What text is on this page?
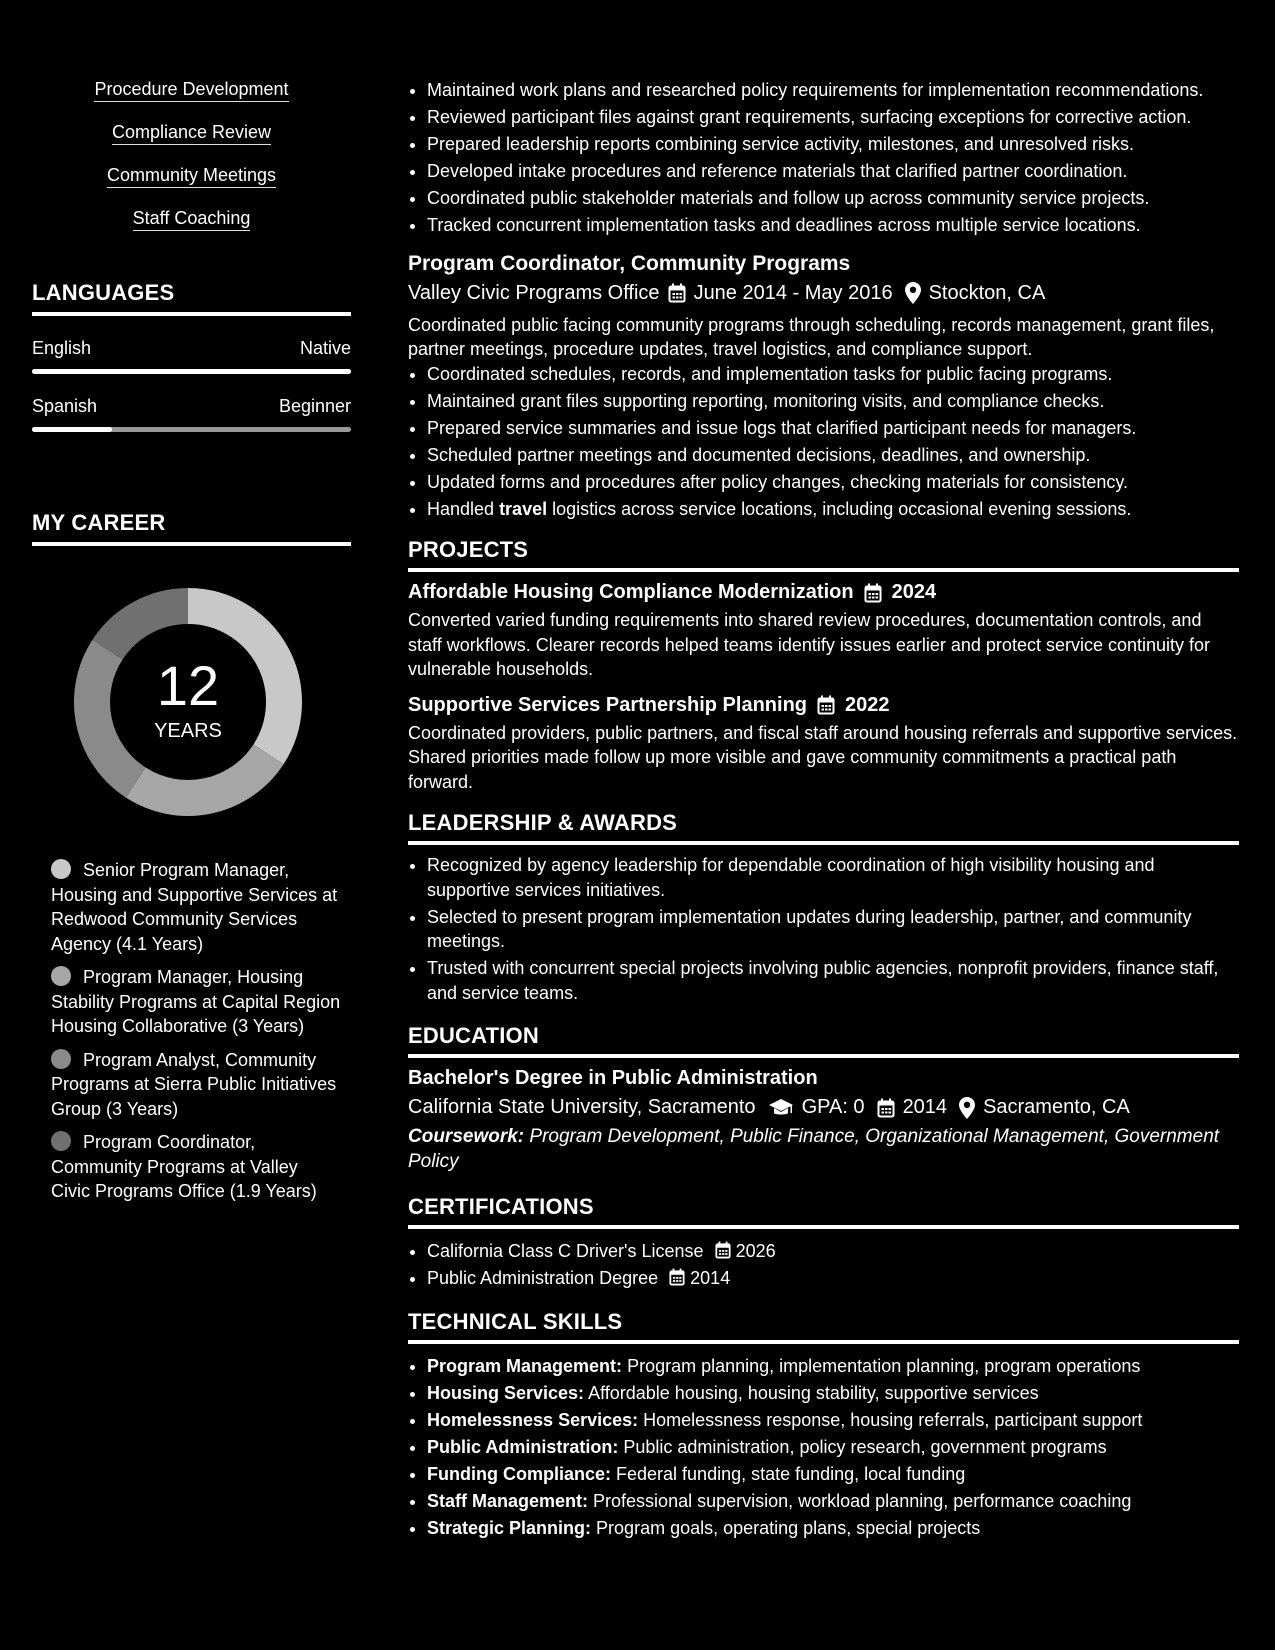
Procedure Development
Compliance Review
Community Meetings
Staff Coaching
LANGUAGES
English	Native
Spanish	Beginner
MY CAREER
12
YEARS
Senior Program Manager, Housing and Supportive Services at Redwood Community Services Agency (4.1 Years)
Program Manager, Housing Stability Programs at Capital Region Housing Collaborative (3 Years)
Program Analyst, Community Programs at Sierra Public Initiatives Group (3 Years)
Program Coordinator, Community Programs at Valley Civic Programs Office (1.9 Years)
• Maintained work plans and researched policy requirements for implementation recommendations.
• Reviewed participant files against grant requirements, surfacing exceptions for corrective action.
• Prepared leadership reports combining service activity, milestones, and unresolved risks.
• Developed intake procedures and reference materials that clarified partner coordination.
• Coordinated public stakeholder materials and follow up across community service projects.
• Tracked concurrent implementation tasks and deadlines across multiple service locations.
Program Coordinator, Community Programs
Valley Civic Programs Office June 2014 - May 2016 Stockton, CA
Coordinated public facing community programs through scheduling, records management, grant files, partner meetings, procedure updates, travel logistics, and compliance support.
• Coordinated schedules, records, and implementation tasks for public facing programs.
• Maintained grant files supporting reporting, monitoring visits, and compliance checks.
• Prepared service summaries and issue logs that clarified participant needs for managers.
• Scheduled partner meetings and documented decisions, deadlines, and ownership.
• Updated forms and procedures after policy changes, checking materials for consistency.
• Handled travel logistics across service locations, including occasional evening sessions.
PROJECTS
Affordable Housing Compliance Modernization 2024
Converted varied funding requirements into shared review procedures, documentation controls, and staff workflows. Clearer records helped teams identify issues earlier and protect service continuity for vulnerable households.
Supportive Services Partnership Planning 2022
Coordinated providers, public partners, and fiscal staff around housing referrals and supportive services. Shared priorities made follow up more visible and gave community commitments a practical path forward.
LEADERSHIP & AWARDS
• Recognized by agency leadership for dependable coordination of high visibility housing and supportive services initiatives.
• Selected to present program implementation updates during leadership, partner, and community meetings.
• Trusted with concurrent special projects involving public agencies, nonprofit providers, finance staff, and service teams.
EDUCATION
Bachelor's Degree in Public Administration
California State University, Sacramento GPA: 0 2014 Sacramento, CA
Coursework: Program Development, Public Finance, Organizational Management, Government Policy
CERTIFICATIONS
• California Class C Driver's License 2026
• Public Administration Degree 2014
TECHNICAL SKILLS
• Program Management: Program planning, implementation planning, program operations
• Housing Services: Affordable housing, housing stability, supportive services
• Homelessness Services: Homelessness response, housing referrals, participant support
• Public Administration: Public administration, policy research, government programs
• Funding Compliance: Federal funding, state funding, local funding
• Staff Management: Professional supervision, workload planning, performance coaching
• Strategic Planning: Program goals, operating plans, special projects
